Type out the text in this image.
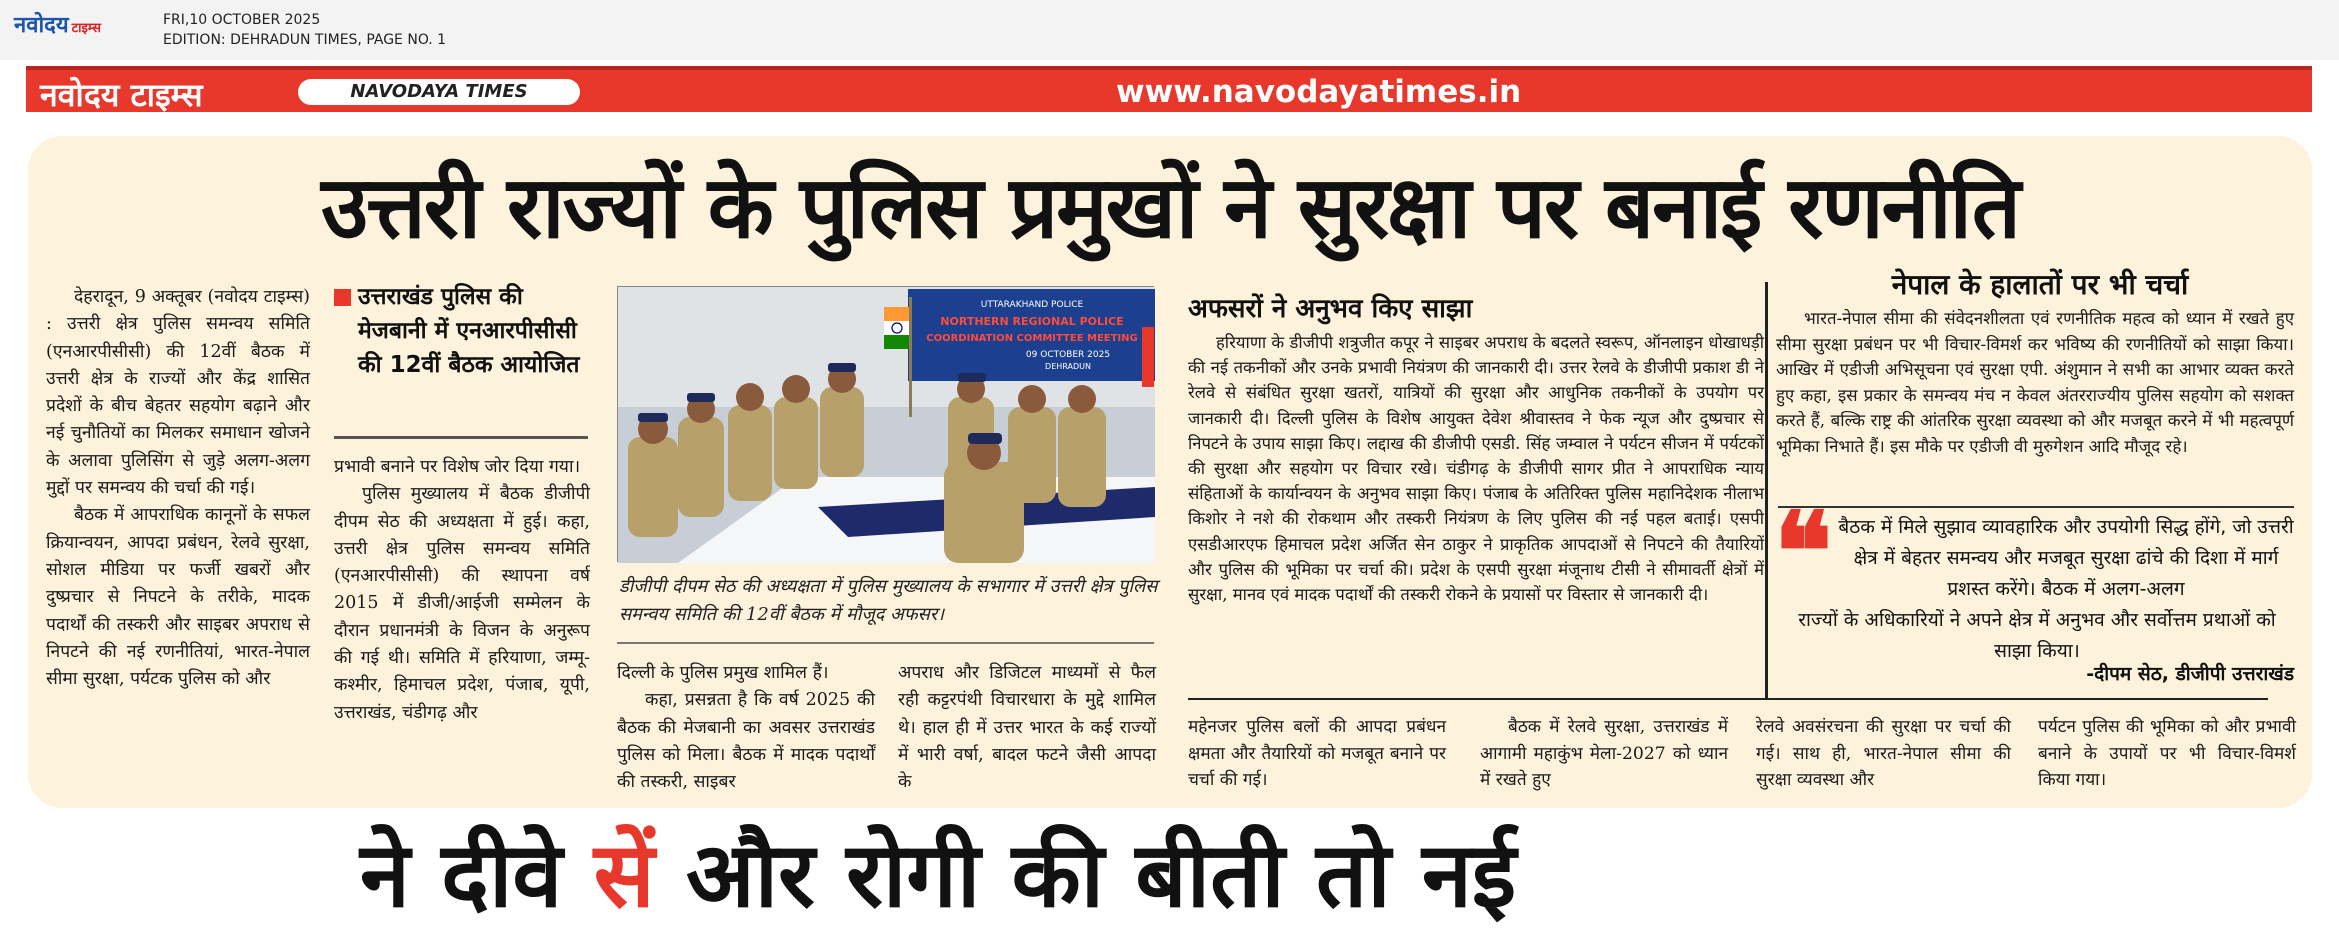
नवोदय टाइम्स
FRI,10 OCTOBER 2025
EDITION: DEHRADUN TIMES, PAGE NO. 1
नवोदय टाइम्स	NAVODAYA TIMES	www.navodayatimes.in
उत्तरी राज्यों के पुलिस प्रमुखों ने सुरक्षा पर बनाई रणनीति

देहरादून, 9 अक्तूबर (नवोदय टाइम्स) : उत्तरी क्षेत्र पुलिस समन्वय समिति (एनआरपीसीसी) की 12वीं बैठक में उत्तरी क्षेत्र के राज्यों और केंद्र शासित प्रदेशों के बीच बेहतर सहयोग बढ़ाने और नई चुनौतियों का मिलकर समाधान खोजने के अलावा पुलिसिंग से जुड़े अलग-अलग मुद्दों पर समन्वय की चर्चा की गई।

बैठक में आपराधिक कानूनों के सफल क्रियान्वयन, आपदा प्रबंधन, रेलवे सुरक्षा, सोशल मीडिया पर फर्जी खबरों और दुष्प्रचार से निपटने के तरीके, मादक पदार्थों की तस्करी और साइबर अपराध से निपटने की नई रणनीतियां, भारत-नेपाल सीमा सुरक्षा, पर्यटक पुलिस को और

उत्तराखंड पुलिस की मेजबानी में एनआरपीसीसी की 12वीं बैठक आयोजित

प्रभावी बनाने पर विशेष जोर दिया गया।

पुलिस मुख्यालय में बैठक डीजीपी दीपम सेठ की अध्यक्षता में हुई। कहा, उत्तरी क्षेत्र पुलिस समन्वय समिति (एनआरपीसीसी) की स्थापना वर्ष 2015 में डीजी/आईजी सम्मेलन के दौरान प्रधानमंत्री के विजन के अनुरूप की गई थी। समिति में हरियाणा, जम्मू-कश्मीर, हिमाचल प्रदेश, पंजाब, यूपी, उत्तराखंड, चंडीगढ़ और

UTTARAKHAND POLICE
NORTHERN REGIONAL POLICE
COORDINATION COMMITTEE MEETING
09 OCTOBER 2025
DEHRADUN
डीजीपी दीपम सेठ की अध्यक्षता में पुलिस मुख्यालय के सभागार में उत्तरी क्षेत्र पुलिस समन्वय समिति की 12वीं बैठक में मौजूद अफसर।

दिल्ली के पुलिस प्रमुख शामिल हैं।

कहा, प्रसन्नता है कि वर्ष 2025 की बैठक की मेजबानी का अवसर उत्तराखंड पुलिस को मिला। बैठक में मादक पदार्थों की तस्करी, साइबर

अपराध और डिजिटल माध्यमों से फैल रही कट्टरपंथी विचारधारा के मुद्दे शामिल थे। हाल ही में उत्तर भारत के कई राज्यों में भारी वर्षा, बादल फटने जैसी आपदा के

अफसरों ने अनुभव किए साझा

हरियाणा के डीजीपी शत्रुजीत कपूर ने साइबर अपराध के बदलते स्वरूप, ऑनलाइन धोखाधड़ी की नई तकनीकों और उनके प्रभावी नियंत्रण की जानकारी दी। उत्तर रेलवे के डीजीपी प्रकाश डी ने रेलवे से संबंधित सुरक्षा खतरों, यात्रियों की सुरक्षा और आधुनिक तकनीकों के उपयोग पर जानकारी दी। दिल्ली पुलिस के विशेष आयुक्त देवेश श्रीवास्तव ने फेक न्यूज और दुष्प्रचार से निपटने के उपाय साझा किए। लद्दाख की डीजीपी एसडी. सिंह जम्वाल ने पर्यटन सीजन में पर्यटकों की सुरक्षा और सहयोग पर विचार रखे। चंडीगढ़ के डीजीपी सागर प्रीत ने आपराधिक न्याय संहिताओं के कार्यान्वयन के अनुभव साझा किए। पंजाब के अतिरिक्त पुलिस महानिदेशक नीलाभ किशोर ने नशे की रोकथाम और तस्करी नियंत्रण के लिए पुलिस की नई पहल बताई। एसपी एसडीआरएफ हिमाचल प्रदेश अर्जित सेन ठाकुर ने प्राकृतिक आपदाओं से निपटने की तैयारियों और पुलिस की भूमिका पर चर्चा की। प्रदेश के एसपी सुरक्षा मंजूनाथ टीसी ने सीमावर्ती क्षेत्रों में सुरक्षा, मानव एवं मादक पदार्थों की तस्करी रोकने के प्रयासों पर विस्तार से जानकारी दी।

नेपाल के हालातों पर भी चर्चा

भारत-नेपाल सीमा की संवेदनशीलता एवं रणनीतिक महत्व को ध्यान में रखते हुए सीमा सुरक्षा प्रबंधन पर भी विचार-विमर्श कर भविष्य की रणनीतियों को साझा किया। आखिर में एडीजी अभिसूचना एवं सुरक्षा एपी. अंशुमान ने सभी का आभार व्यक्त करते हुए कहा, इस प्रकार के समन्वय मंच न केवल अंतरराज्यीय पुलिस सहयोग को सशक्त करते हैं, बल्कि राष्ट्र की आंतरिक सुरक्षा व्यवस्था को और मजबूत करने में भी महत्वपूर्ण भूमिका निभाते हैं। इस मौके पर एडीजी वी मुरुगेशन आदि मौजूद रहे।

❝ बैठक में मिले सुझाव व्यावहारिक और उपयोगी सिद्ध होंगे, जो उत्तरी क्षेत्र में बेहतर समन्वय और मजबूत सुरक्षा ढांचे की दिशा में मार्ग प्रशस्त करेंगे। बैठक में अलग-अलग
राज्यों के अधिकारियों ने अपने क्षेत्र में अनुभव और सर्वोत्तम प्रथाओं को साझा किया।
-दीपम सेठ, डीजीपी उत्तराखंड
महेनजर पुलिस बलों की आपदा प्रबंधन क्षमता और तैयारियों को मजबूत बनाने पर चर्चा की गई।
बैठक में रेलवे सुरक्षा, उत्तराखंड में आगामी महाकुंभ मेला-2027 को ध्यान में रखते हुए
रेलवे अवसंरचना की सुरक्षा पर चर्चा की गई। साथ ही, भारत-नेपाल सीमा की सुरक्षा व्यवस्था और
पर्यटन पुलिस की भूमिका को और प्रभावी बनाने के उपायों पर भी विचार-विमर्श किया गया।
ने दीवे सें और रोगी की बीती तो नई
